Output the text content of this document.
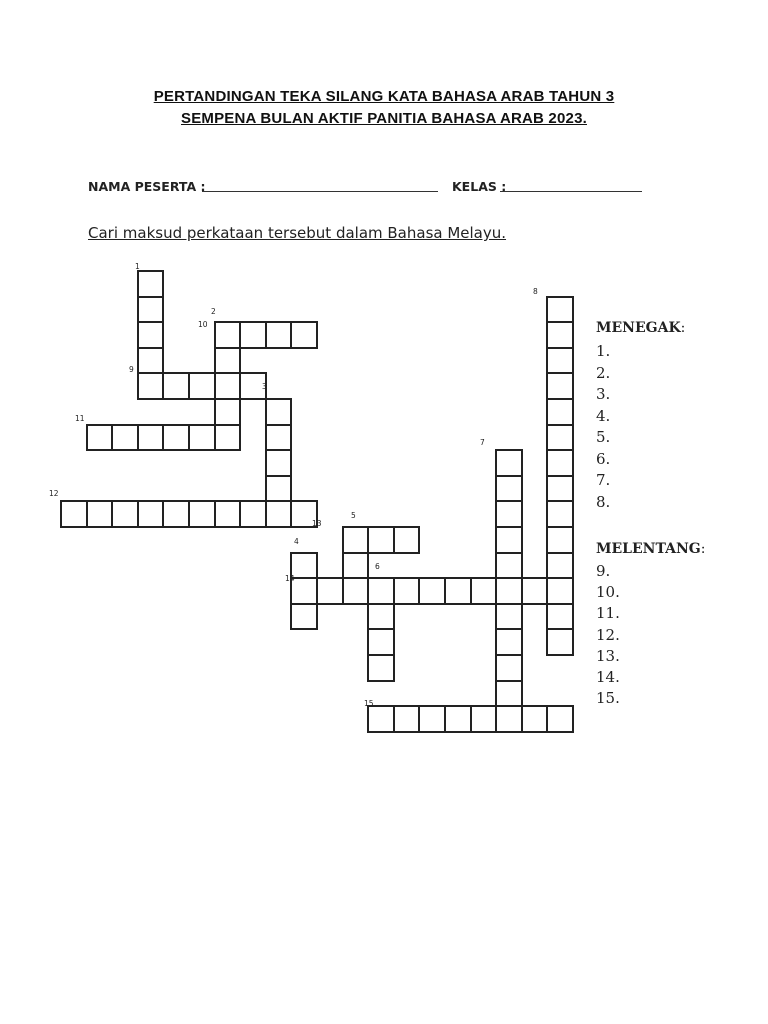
PERTANDINGAN TEKA SILANG KATA BAHASA ARAB TAHUN 3
SEMPENA BULAN AKTIF PANITIA BAHASA ARAB 2023.
NAMA PESERTA :	KELAS :
Cari maksud perkataan tersebut dalam Bahasa Melayu.
1
2
3
4
5
6
7
8
9
10
11
12
13
14
15
MENEGAK:
1.
2.
3.
4.
5.
6.
7.
8.
MELENTANG:
9.
10.
11.
12.
13.
14.
15.
